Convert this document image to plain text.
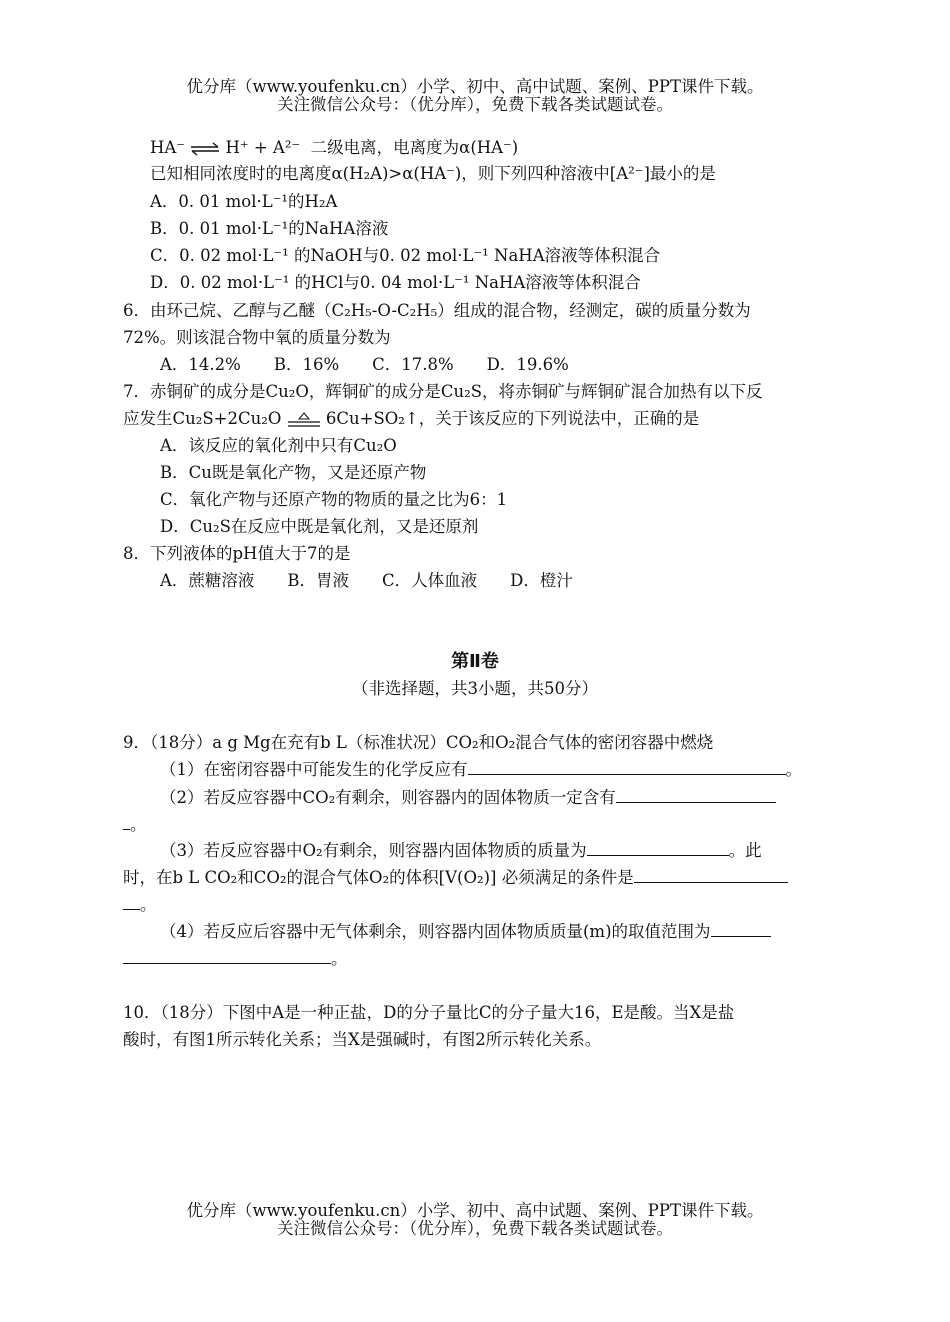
优分库（www.youfenku.cn）小学、初中、高中试题、案例、PPT课件下载。
关注微信公众号：（优分库），免费下载各类试题试卷。
HA⁻ ⇌ H⁺ + A²⁻ 二级电离，电离度为α(HA⁻)
已知相同浓度时的电离度α(H₂A)>α(HA⁻)，则下列四种溶液中[A²⁻]最小的是
A．0. 01 mol·L⁻¹的H₂A
B．0. 01 mol·L⁻¹的NaHA溶液
C．0. 02 mol·L⁻¹ 的NaOH与0. 02 mol·L⁻¹ NaHA溶液等体积混合
D．0. 02 mol·L⁻¹ 的HCl与0. 04 mol·L⁻¹ NaHA溶液等体积混合
6．由环己烷、乙醇与乙醚（C₂H₅-O-C₂H₅）组成的混合物，经测定，碳的质量分数为
72%。则该混合物中氧的质量分数为
A．14.2%　　B．16%　　C．17.8%　　D．19.6%
7．赤铜矿的成分是Cu₂O，辉铜矿的成分是Cu₂S，将赤铜矿与辉铜矿混合加热有以下反
应发生Cu₂S+2Cu₂O	6Cu+SO₂↑，关于该反应的下列说法中，正确的是
A．该反应的氧化剂中只有Cu₂O
B．Cu既是氧化产物，又是还原产物
C．氧化产物与还原产物的物质的量之比为6：1
D．Cu₂S在反应中既是氧化剂，又是还原剂
8．下列液体的pH值大于7的是
A．蔗糖溶液　　B．胃液　　C．人体血液　　D．橙汁
第Ⅱ卷
（非选择题，共3小题，共50分）
9．（18分）a g Mg在充有b L（标准状况）CO₂和O₂混合气体的密闭容器中燃烧
（1）在密闭容器中可能发生的化学反应有	。
（2）若反应容器中CO₂有剩余，则容器内的固体物质一定含有
。
（3）若反应容器中O₂有剩余，则容器内固体物质的质量为	。此
时，在b L CO₂和CO₂的混合气体O₂的体积[V(O₂)] 必须满足的条件是
。
（4）若反应后容器中无气体剩余，则容器内固体物质质量(m)的取值范围为
。
10．（18分）下图中A是一种正盐，D的分子量比C的分子量大16，E是酸。当X是盐
酸时，有图1所示转化关系；当X是强碱时，有图2所示转化关系。
优分库（www.youfenku.cn）小学、初中、高中试题、案例、PPT课件下载。
关注微信公众号：（优分库），免费下载各类试题试卷。
